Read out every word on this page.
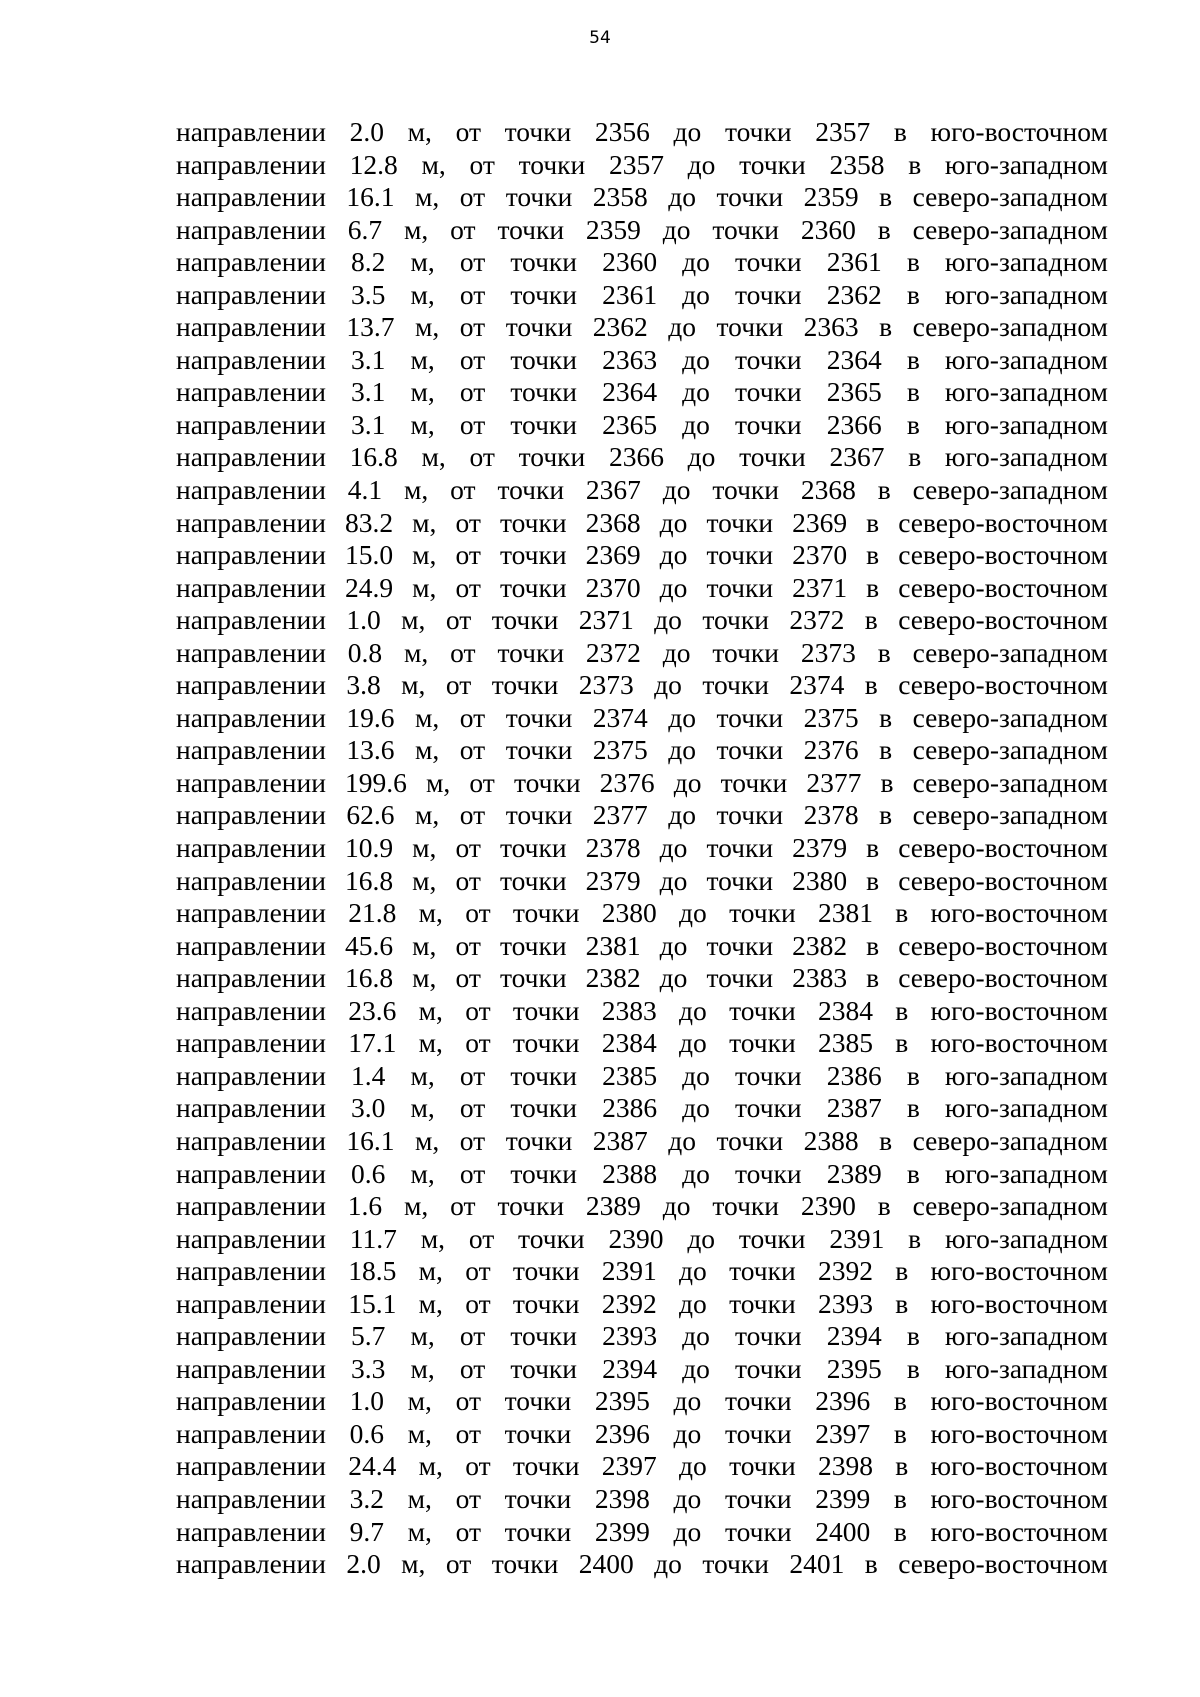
54
направлении 2.0 м, от точки 2356 до точки 2357 в юго-восточном
направлении 12.8 м, от точки 2357 до точки 2358 в юго-западном
направлении 16.1 м, от точки 2358 до точки 2359 в северо-западном
направлении 6.7 м, от точки 2359 до точки 2360 в северо-западном
направлении 8.2 м, от точки 2360 до точки 2361 в юго-западном
направлении 3.5 м, от точки 2361 до точки 2362 в юго-западном
направлении 13.7 м, от точки 2362 до точки 2363 в северо-западном
направлении 3.1 м, от точки 2363 до точки 2364 в юго-западном
направлении 3.1 м, от точки 2364 до точки 2365 в юго-западном
направлении 3.1 м, от точки 2365 до точки 2366 в юго-западном
направлении 16.8 м, от точки 2366 до точки 2367 в юго-западном
направлении 4.1 м, от точки 2367 до точки 2368 в северо-западном
направлении 83.2 м, от точки 2368 до точки 2369 в северо-восточном
направлении 15.0 м, от точки 2369 до точки 2370 в северо-восточном
направлении 24.9 м, от точки 2370 до точки 2371 в северо-восточном
направлении 1.0 м, от точки 2371 до точки 2372 в северо-восточном
направлении 0.8 м, от точки 2372 до точки 2373 в северо-западном
направлении 3.8 м, от точки 2373 до точки 2374 в северо-восточном
направлении 19.6 м, от точки 2374 до точки 2375 в северо-западном
направлении 13.6 м, от точки 2375 до точки 2376 в северо-западном
направлении 199.6 м, от точки 2376 до точки 2377 в северо-западном
направлении 62.6 м, от точки 2377 до точки 2378 в северо-западном
направлении 10.9 м, от точки 2378 до точки 2379 в северо-восточном
направлении 16.8 м, от точки 2379 до точки 2380 в северо-восточном
направлении 21.8 м, от точки 2380 до точки 2381 в юго-восточном
направлении 45.6 м, от точки 2381 до точки 2382 в северо-восточном
направлении 16.8 м, от точки 2382 до точки 2383 в северо-восточном
направлении 23.6 м, от точки 2383 до точки 2384 в юго-восточном
направлении 17.1 м, от точки 2384 до точки 2385 в юго-восточном
направлении 1.4 м, от точки 2385 до точки 2386 в юго-западном
направлении 3.0 м, от точки 2386 до точки 2387 в юго-западном
направлении 16.1 м, от точки 2387 до точки 2388 в северо-западном
направлении 0.6 м, от точки 2388 до точки 2389 в юго-западном
направлении 1.6 м, от точки 2389 до точки 2390 в северо-западном
направлении 11.7 м, от точки 2390 до точки 2391 в юго-западном
направлении 18.5 м, от точки 2391 до точки 2392 в юго-восточном
направлении 15.1 м, от точки 2392 до точки 2393 в юго-восточном
направлении 5.7 м, от точки 2393 до точки 2394 в юго-западном
направлении 3.3 м, от точки 2394 до точки 2395 в юго-западном
направлении 1.0 м, от точки 2395 до точки 2396 в юго-восточном
направлении 0.6 м, от точки 2396 до точки 2397 в юго-восточном
направлении 24.4 м, от точки 2397 до точки 2398 в юго-восточном
направлении 3.2 м, от точки 2398 до точки 2399 в юго-восточном
направлении 9.7 м, от точки 2399 до точки 2400 в юго-восточном
направлении 2.0 м, от точки 2400 до точки 2401 в северо-восточном
